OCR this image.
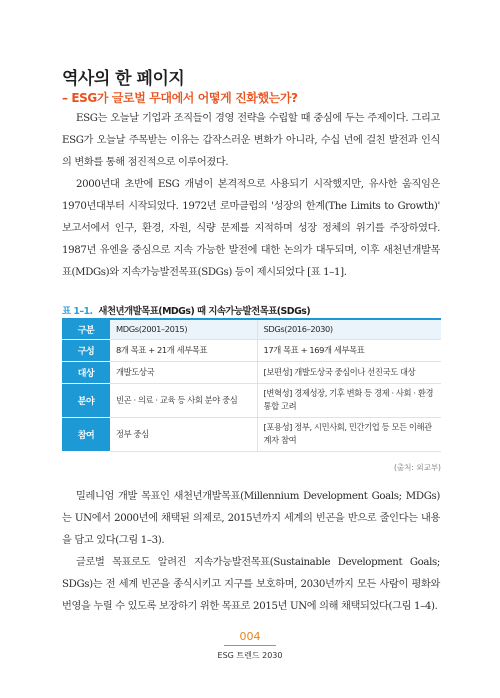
역사의 한 페이지
– ESG가 글로벌 무대에서 어떻게 진화했는가?

ESG는 오늘날 기업과 조직들이 경영 전략을 수립할 때 중심에 두는 주제이다. 그리고 ESG가 오늘날 주목받는 이유는 갑작스러운 변화가 아니라, 수십 년에 걸친 발전과 인식의 변화를 통해 점진적으로 이루어졌다.

2000년대 초반에 ESG 개념이 본격적으로 사용되기 시작했지만, 유사한 움직임은 1970년대부터 시작되었다. 1972년 로마클럽의 '성장의 한계(The Limits to Growth)' 보고서에서 인구, 환경, 자원, 식량 문제를 지적하며 성장 정체의 위기를 주장하였다. 1987년 유엔을 중심으로 지속 가능한 발전에 대한 논의가 대두되며, 이후 새천년개발목표(MDGs)와 지속가능발전목표(SDGs) 등이 제시되었다 [표 1–1].

표 1–1. 새천년개발목표(MDGs) 때 지속가능발전목표(SDGs)
구분	MDGs(2001–2015)	SDGs(2016–2030)
구성	8개 목표 + 21개 세부목표	17개 목표 + 169개 세부목표
대상	개발도상국	[보편성] 개발도상국 중심이나 선진국도 대상
분야	빈곤 · 의료 · 교육 등 사회 분야 중심	[변혁성] 경제성장, 기후 변화 등 경제 · 사회 · 환경 통합 고려
참여	정부 중심	[포용성] 정부, 시민사회, 민간기업 등 모든 이해관계자 참여
(출처: 외교부)

밀레니엄 개발 목표인 새천년개발목표(Millennium Development Goals; MDGs)는 UN에서 2000년에 채택된 의제로, 2015년까지 세계의 빈곤을 반으로 줄인다는 내용을 담고 있다(그림 1–3).

글로벌 목표로도 알려진 지속가능발전목표(Sustainable Development Goals; SDGs)는 전 세계 빈곤을 종식시키고 지구를 보호하며, 2030년까지 모든 사람이 평화와 번영을 누릴 수 있도록 보장하기 위한 목표로 2015년 UN에 의해 채택되었다(그림 1–4).

004
ESG 트렌드 2030
